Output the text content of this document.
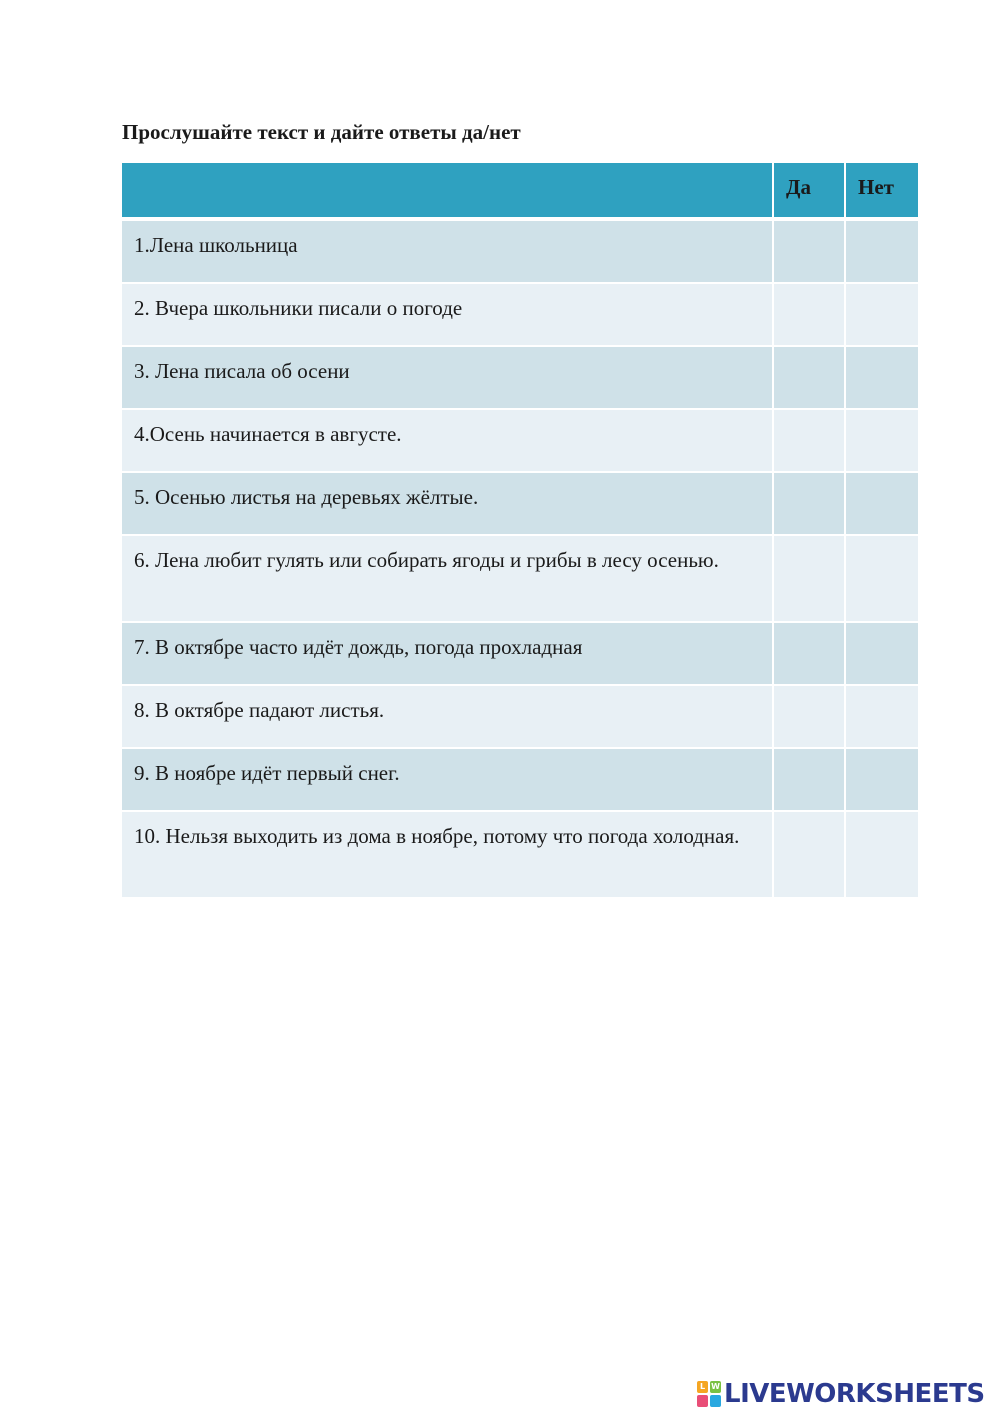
Прослушайте текст и дайте ответы да/нет
	Да	Нет
1.Лена школьница		
2. Вчера школьники писали о погоде		
3. Лена писала об осени		
4.Осень начинается в августе.		
5. Осенью листья на деревьях жёлтые.		
6. Лена любит гулять или собирать ягоды и грибы в лесу осенью.		
7. В октябре часто идёт дождь, погода прохладная		
8. В октябре падают листья.		
9. В ноябре идёт первый снег.		
10. Нельзя выходить из дома в ноябре, потому что погода холодная.		
L W LIVEWORKSHEETS
